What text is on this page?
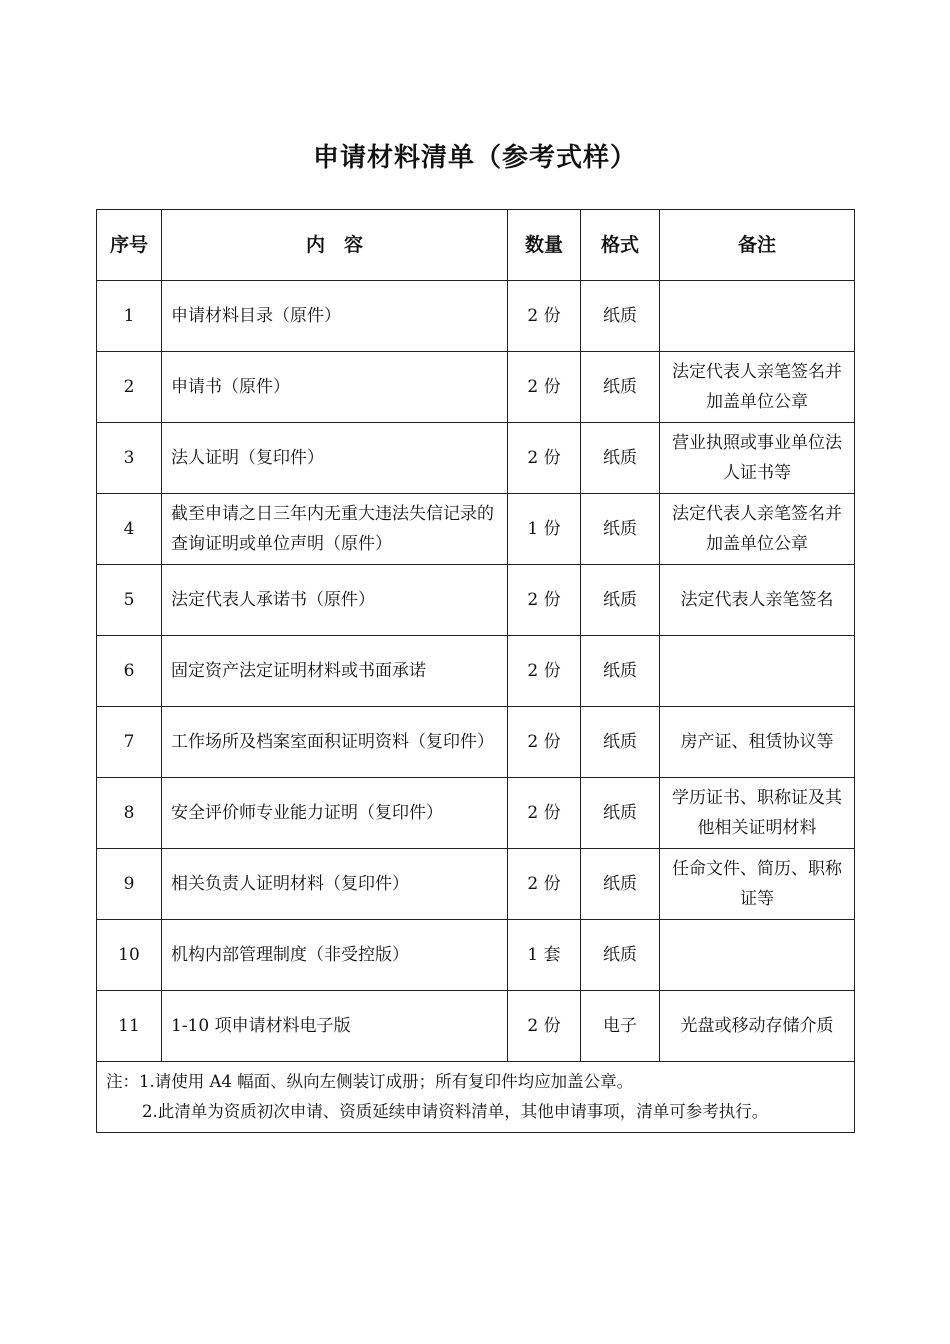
申请材料清单（参考式样）
序号	内　容	数量	格式	备注
1	申请材料目录（原件）	2 份	纸质	
2	申请书（原件）	2 份	纸质	法定代表人亲笔签名并加盖单位公章
3	法人证明（复印件）	2 份	纸质	营业执照或事业单位法人证书等
4	截至申请之日三年内无重大违法失信记录的查询证明或单位声明（原件）	1 份	纸质	法定代表人亲笔签名并加盖单位公章
5	法定代表人承诺书（原件）	2 份	纸质	法定代表人亲笔签名
6	固定资产法定证明材料或书面承诺	2 份	纸质	
7	工作场所及档案室面积证明资料（复印件）	2 份	纸质	房产证、租赁协议等
8	安全评价师专业能力证明（复印件）	2 份	纸质	学历证书、职称证及其他相关证明材料
9	相关负责人证明材料（复印件）	2 份	纸质	任命文件、简历、职称证等
10	机构内部管理制度（非受控版）	1 套	纸质	
11	1-10 项申请材料电子版	2 份	电子	光盘或移动存储介质
注：1.请使用 A4 幅面、纵向左侧装订成册；所有复印件均应加盖公章。
2.此清单为资质初次申请、资质延续申请资料清单，其他申请事项，清单可参考执行。				
